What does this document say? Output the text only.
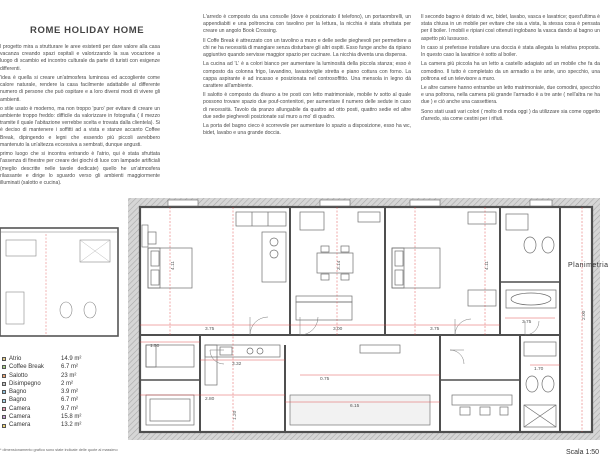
ROME HOLIDAY HOME

l progetto mira a strutturare le aree esistenti per dare valore alla casa vacanza creando spazi ospitali e valorizzando la sua vocazione a luogo di scambio ed incontro culturale da parte di turisti con esigenze differenti.

'idea è quella si creare un'atmosfera luminosa ed accogliente come calore naturale, rendere la casa facilmente adattabile al differente numero di persone che può ospitare e a loro diversi modi di vivere gli ambienti.

o stile usato è moderno, ma non troppo 'puro' per evitare di creare un ambiente troppo freddo: difficile da valorizzare in fotografia ( il mezzo tramite il quale l'abitazione verrebbe scelta e trovata dalla clientela). Si è deciso di mantenere i soffitti ad a vista e stanze accanto Coffee Break, dipingendo e legni che essendo più piccoli avrebbero mantenuto la un'altezza eccessiva a sembrati, dunque angusti.

primo luogo che si incontra entrando è l'atrio, qui è stata sfruttata l'assenza di finestre per creare dei giochi di luce con lampade artificiali (meglio descritte nelle tavole dedicate) quello he un'atmosfera rilassante e dirige lo sguardo verso gli ambienti maggiormente illuminati (salotto e cucina).

L'arredo è composto da una consolle (dove è posizionato il telefono), un portaombrelli, un appendiabiti e una poltroncina con tavolino per la lettura, la nicchia è stata sfruttata per creare un angolo Book Crossing.

Il Coffe Break è attrezzato con un tavolino a muro e delle sedie pieghevoli per permettere a chi ne ha necessità di mangiare senza disturbare gli altri ospiti. Esso funge anche da ripiano aggiuntivo quando servisse maggior spazio per cucinare. La nicchia diventa una dispensa.

La cucina ad 'L' è a colori bianco per aumentare la luminosità della piccola stanza; esso è composto da colonna frigo, lavandino, lavastoviglie stretta e piano cottura con forno. La cappa aspirante è ad incasso e posizionata nel controsoffitto. Una mensola in legno dà carattere all'ambiente.

Il salotto è composto da divano a tre posti con letto matrimoniale, mobile tv sotto al quale possono trovare spazio due pouf-contenitori, per aumentare il numero delle sedute in caso di necessità. Tavolo da pranzo allungabile da quattro ad otto posti, quattro sedie ed altre due sedie pieghevoli posizionate sul muro a mo' di quadro.

La porta del bagno cieco è scorrevole per aumentare lo spazio a disposizione, esso ha wc, bidet, lavabo e una grande doccia.

Il secondo bagno è dotato di wc, bidet, lavabo, vasca e lavatrice; quest'ultima è stata chiusa in un mobile per evitare che sia a vista, la stessa cosa è pensata per il boiler. I mobili e ripiani così ottenuti inglobano la vasca dando al bagno un aspetto più lussuoso.

In caso si preferisse installare una doccia è stata allegata la relativa proposta. In questo caso la lavatrice è sotto al boiler.

La camera più piccola ha un letto a castello adagiato ad un mobile che fa da comodino. Il tutto è completato da un armadio a tre ante, uno specchio, una poltrona ed un televisore a muro.

Le altre camere hanno entrambe un letto matrimoniale, due comodini, specchio e una poltrona, nella camera più grande l'armadio è a tre ante ( nell'altra ne ha due ) e ciò anche una cassettiera.

Sono stati usati vari colori ( molto di moda oggi ) da utilizzare sia come oggetto d'arredo, sia come cestini per i rifiuti.

3.75	3.00
2.80
6.15
3.32
1.70
3.75
4.11	3.14	4.11
1.50
0.75
2.00
1.20
3.75
Planimetria
Scala 1:50
Atrio	14.9 m²
Coffee Break	6.7 m²
Salotto	23 m²
Disimpegno	2 m²
Bagno	3.9 m²
Bagno	6.7 m²
Camera	9.7 m²
Camera	15.8 m²
Camera	13.2 m²
* dimensionamento grafico sono state indicate delle quote al massimo
